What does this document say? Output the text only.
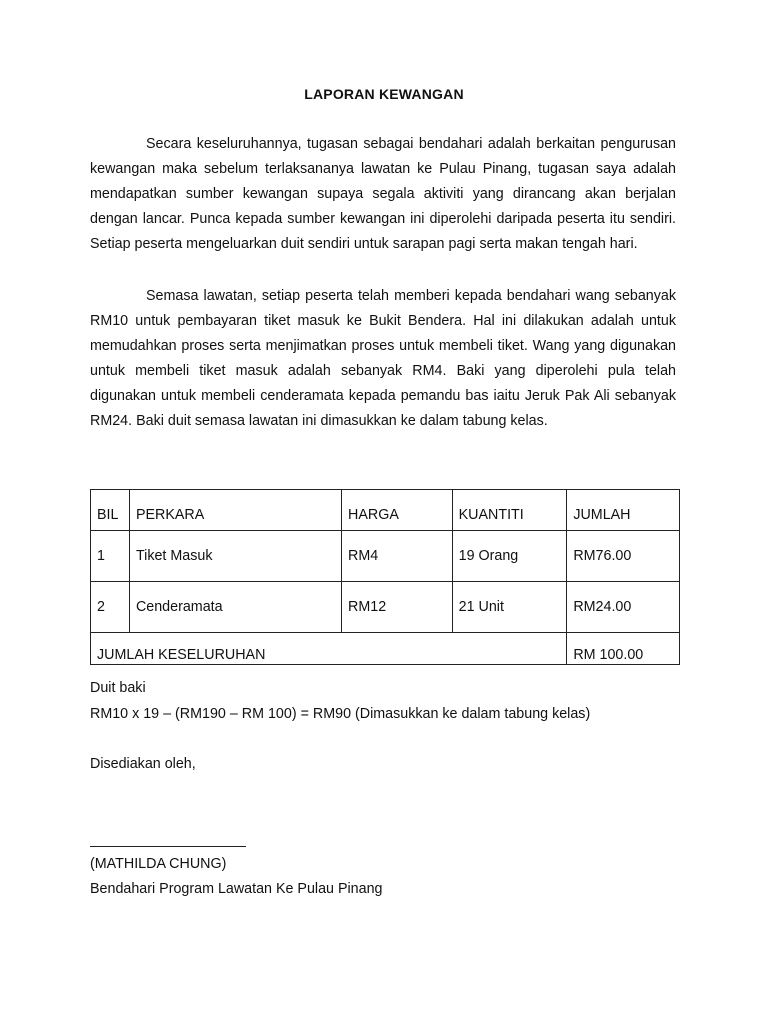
LAPORAN KEWANGAN

Secara keseluruhannya, tugasan sebagai bendahari adalah berkaitan pengurusan kewangan maka sebelum terlaksananya lawatan ke Pulau Pinang, tugasan saya adalah mendapatkan sumber kewangan supaya segala aktiviti yang dirancang akan berjalan dengan lancar. Punca kepada sumber kewangan ini diperolehi daripada peserta itu sendiri. Setiap peserta mengeluarkan duit sendiri untuk sarapan pagi serta makan tengah hari.

Semasa lawatan, setiap peserta telah memberi kepada bendahari wang sebanyak RM10 untuk pembayaran tiket masuk ke Bukit Bendera. Hal ini dilakukan adalah untuk memudahkan proses serta menjimatkan proses untuk membeli tiket. Wang yang digunakan untuk membeli tiket masuk adalah sebanyak RM4. Baki yang diperolehi pula telah digunakan untuk membeli cenderamata kepada pemandu bas iaitu Jeruk Pak Ali sebanyak RM24. Baki duit semasa lawatan ini dimasukkan ke dalam tabung kelas.

BIL	PERKARA	HARGA	KUANTITI	JUMLAH
1	Tiket Masuk	RM4	19 Orang	RM76.00
2	Cenderamata	RM12	21 Unit	RM24.00
JUMLAH KESELURUHAN				RM 100.00
Duit baki
RM10 x 19 – (RM190 – RM 100) = RM90 (Dimasukkan ke dalam tabung kelas)
Disediakan oleh,
(MATHILDA CHUNG)
Bendahari Program Lawatan Ke Pulau Pinang
